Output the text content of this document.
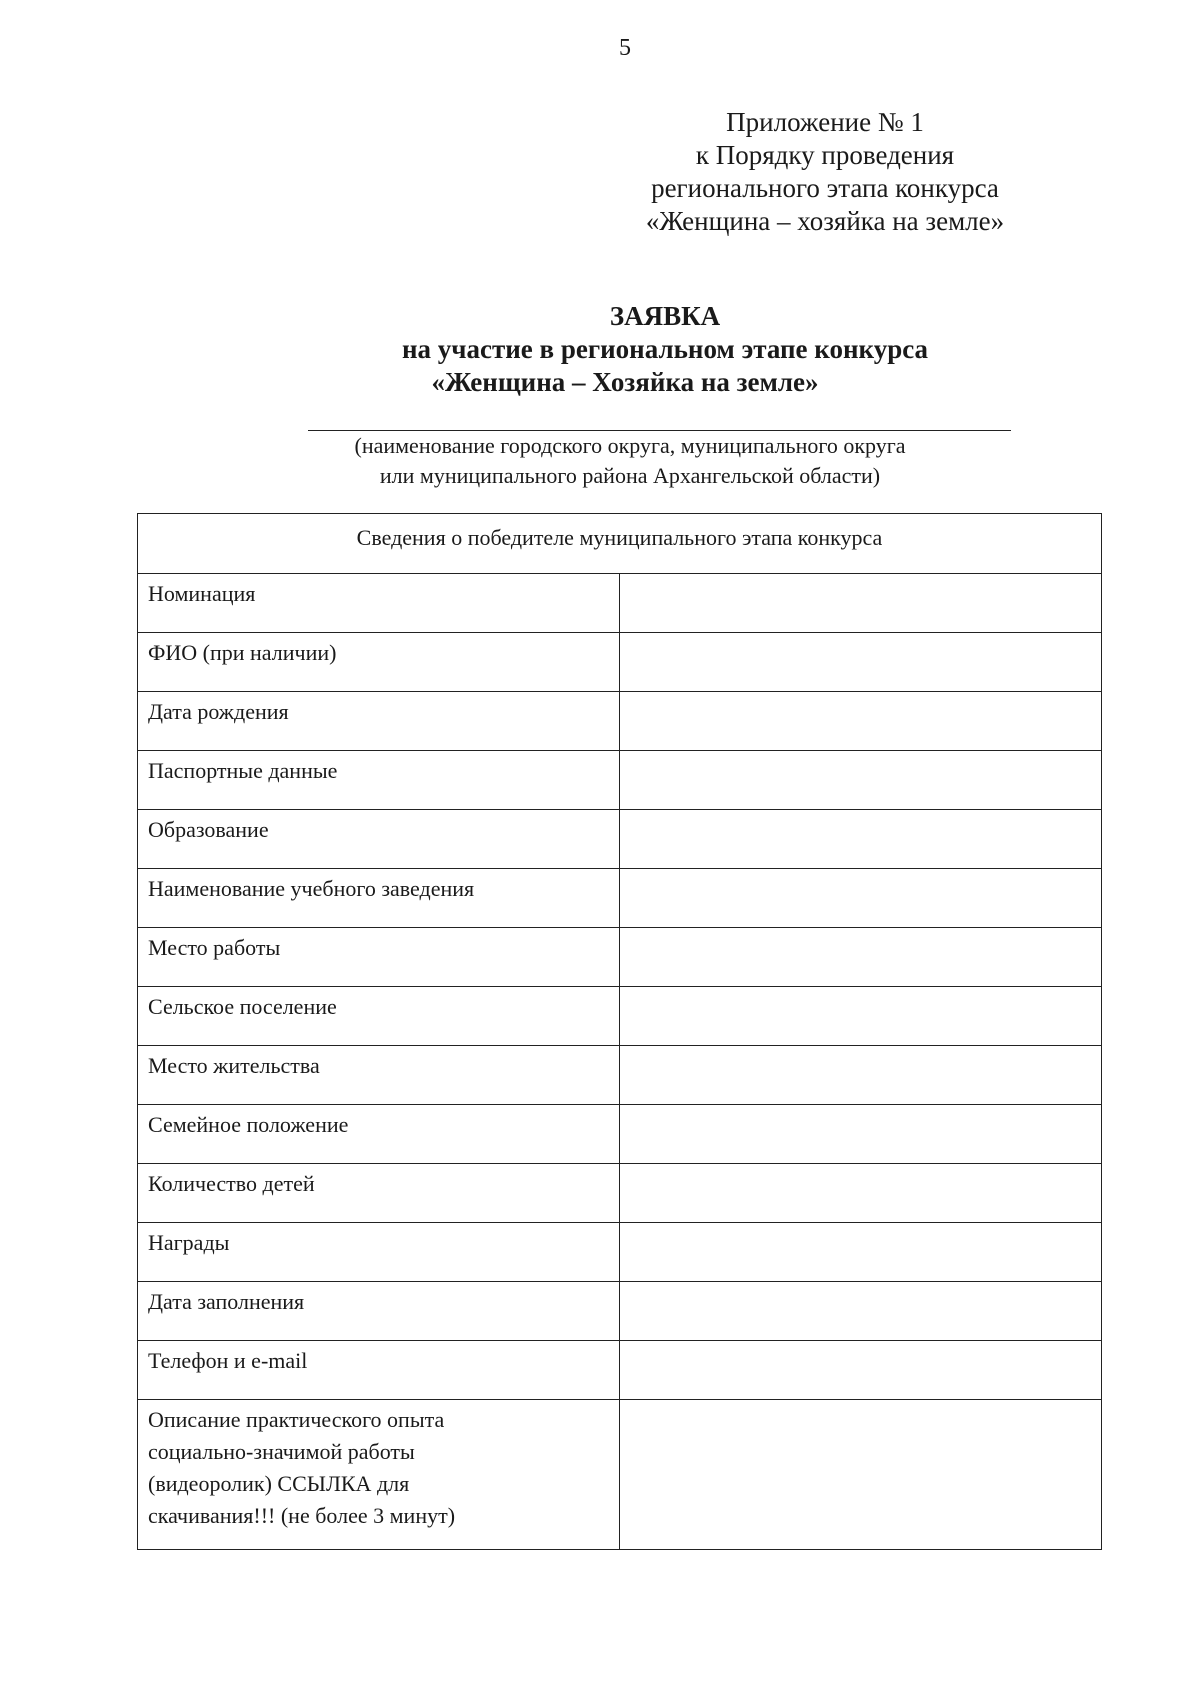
5
Приложение № 1
к Порядку проведения
регионального этапа конкурса
«Женщина – хозяйка на земле»
ЗАЯВКА
на участие в региональном этапе конкурса
«Женщина – Хозяйка на земле»
(наименование городского округа, муниципального округа
или муниципального района Архангельской области)
Сведения о победителе муниципального этапа конкурса	
Номинация	
ФИО (при наличии)	
Дата рождения	
Паспортные данные	
Образование	
Наименование учебного заведения	
Место работы	
Сельское поселение	
Место жительства	
Семейное положение	
Количество детей	
Награды	
Дата заполнения	
Телефон и e-mail	

Описание практического опыта
социально-значимой работы
(видеоролик) ССЫЛКА для
скачивания!!! (не более 3 минут)	
